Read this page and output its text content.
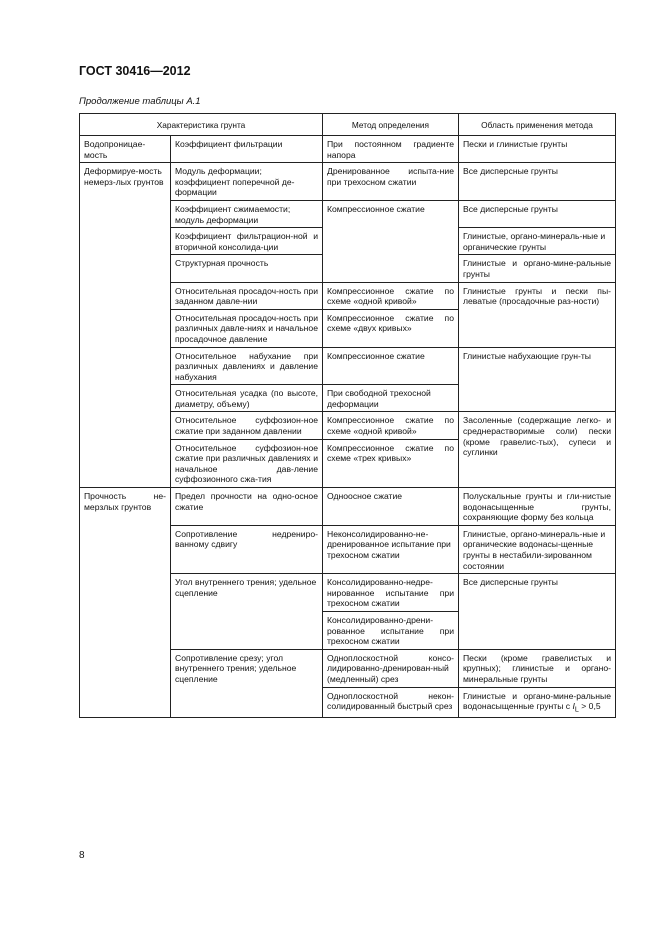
ГОСТ 30416—2012
Продолжение таблицы А.1
Характеристика грунта		Метод определения	Область применения метода
Водопроницае-мость	Коэффициент фильтрации	При постоянном градиенте напора	Пески и глинистые грунты
Деформируе-мость немерз-лых грунтов	Модуль деформации; коэффициент поперечной де-формации	Дренированное испыта-ние при трехосном сжатии	Все дисперсные грунты
	Коэффициент сжимаемости; модуль деформации	Компрессионное сжатие	Все дисперсные грунты
	Коэффициент фильтрацион-ной и вторичной консолида-ции		Глинистые, органо-минераль-ные и органические грунты
	Структурная прочность		Глинистые и органо-мине-ральные грунты
	Относительная просадоч-ность при заданном давле-нии	Компрессионное сжатие по схеме «одной кривой»	Глинистые грунты и пески пы-леватые (просадочные раз-ности)
	Относительная просадоч-ность при различных давле-ниях и начальное просадочное давление	Компрессионное сжатие по схеме «двух кривых»	
	Относительное набухание при различных давлениях и давление набухания	Компрессионное сжатие	Глинистые набухающие грун-ты
	Относительная усадка (по высоте, диаметру, объему)	При свободной трехосной деформации	
	Относительное суффозион-ное сжатие при заданном давлении	Компрессионное сжатие по схеме «одной кривой»	Засоленные (содержащие легко- и среднерастворимые соли) пески (кроме гравелис-тых), супеси и суглинки
	Относительное суффозион-ное сжатие при различных давлениях и начальное дав-ление суффозионного сжа-тия	Компрессионное сжатие по схеме «трех кривых»	
Прочность не-мерзлых грунтов	Предел прочности на одно-осное сжатие	Одноосное сжатие	Полускальные грунты и гли-нистые водонасыщенные грунты, сохраняющие форму без кольца
	Сопротивление недрениро-ванному сдвигу	Неконсолидированно-не-дренированное испытание при трехосном сжатии	Глинистые, органо-минераль-ные и органические водонасы-щенные грунты в нестабили-зированном состоянии
	Угол внутреннего трения; удельное сцепление	Консолидированно-недре-нированное испытание при трехосном сжатии	Все дисперсные грунты
		Консолидированно-дрени-рованное испытание при трехосном сжатии	
	Сопротивление срезу; угол внутреннего трения; удельное сцепление	Одноплоскостной консо-лидированно-дренирован-ный (медленный) срез	Пески (кроме гравелистых и крупных); глинистые и органо-минеральные грунты
		Одноплоскостной некон-солидированный быстрый срез	Глинистые и органо-мине-ральные водонасыщенные грунты с $I_L > 0,5$
8
